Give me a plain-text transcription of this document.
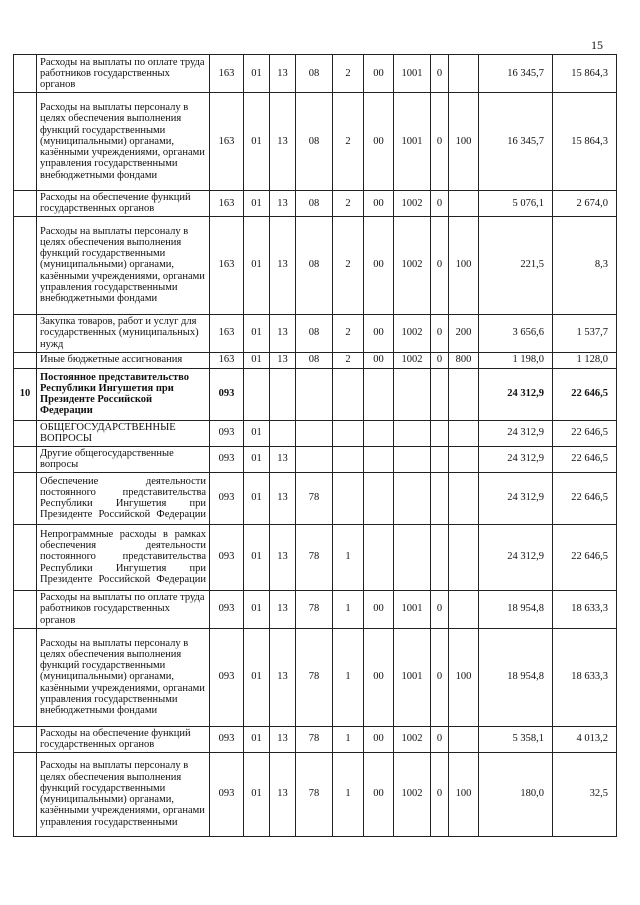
15
	Расходы на выплаты по оплате труда работников государственных органов	163	01	13	08	2	00	1001	0		16 345,7	15 864,3
	Расходы на выплаты персоналу в целях обеспечения выполнения функций государственными (муниципальными) органами, казёнными учреждениями, органами управления государственными внебюджетными фондами	163	01	13	08	2	00	1001	0	100	16 345,7	15 864,3
	Расходы на обеспечение функций государственных органов	163	01	13	08	2	00	1002	0		5 076,1	2 674,0
	Расходы на выплаты персоналу в целях обеспечения выполнения функций государственными (муниципальными) органами, казёнными учреждениями, органами управления государственными внебюджетными фондами	163	01	13	08	2	00	1002	0	100	221,5	8,3
	Закупка товаров, работ и услуг для государственных (муниципальных) нужд	163	01	13	08	2	00	1002	0	200	3 656,6	1 537,7
	Иные бюджетные ассигнования	163	01	13	08	2	00	1002	0	800	1 198,0	1 128,0
10	Постоянное представительство Республики Ингушетия при Президенте Российской Федерации	093									24 312,9	22 646,5
	ОБЩЕГОСУДАРСТВЕННЫЕ ВОПРОСЫ	093	01								24 312,9	22 646,5
	Другие общегосударственные вопросы	093	01	13							24 312,9	22 646,5
	Обеспечение деятельности постоянного представительства Республики Ингушетия при Президенте Российской Федерации	093	01	13	78						24 312,9	22 646,5
	Непрограммные расходы в рамках обеспечения деятельности постоянного представительства Республики Ингушетия при Президенте Российской Федерации	093	01	13	78	1					24 312,9	22 646,5
	Расходы на выплаты по оплате труда работников государственных органов	093	01	13	78	1	00	1001	0		18 954,8	18 633,3
	Расходы на выплаты персоналу в целях обеспечения выполнения функций государственными (муниципальными) органами, казёнными учреждениями, органами управления государственными внебюджетными фондами	093	01	13	78	1	00	1001	0	100	18 954,8	18 633,3
	Расходы на обеспечение функций государственных органов	093	01	13	78	1	00	1002	0		5 358,1	4 013,2
	Расходы на выплаты персоналу в целях обеспечения выполнения функций государственными (муниципальными) органами, казёнными учреждениями, органами управления государственными	093	01	13	78	1	00	1002	0	100	180,0	32,5
